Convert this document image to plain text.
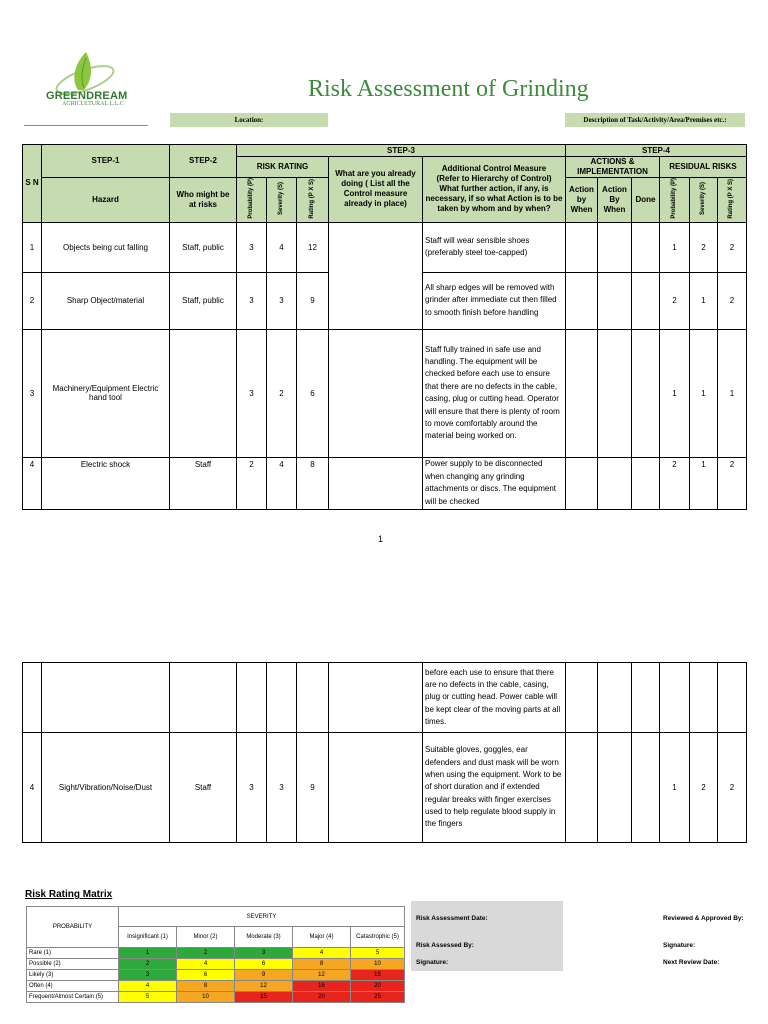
GREENDREAM
AGRICULTURAL L.L.C
Risk Assessment of Grinding
Location:	Description of Task/Activity/Area/Premises etc.:
S N	STEP-1	STEP-2	STEP-3					STEP-4					
			RISK RATING			What are you already doing ( List all the Control measure already in place)	Additional Control Measure
(Refer to Hierarchy of Control)
What further action, if any, is necessary, if so what Action is to be taken by whom and by when?	ACTIONS & IMPLEMENTATION			RESIDUAL RISKS		
	Hazard	Who might be at risks	Probability (P)	Severity (S)	Rating (P X S)			Action by When	Action By When	Done	Probability (P)	Severity (S)	Rating (P X S)
1	Objects being cut falling	Staff, public	3	4	12		Staff will wear sensible shoes (preferably steel toe-capped)				1	2	2
2	Sharp Object/material	Staff, public	3	3	9		All sharp edges will be removed with grinder after immediate cut then filled to smooth finish before handling				2	1	2
3	Machinery/Equipment Electric hand tool		3	2	6		Staff fully trained in safe use and handling. The equipment will be checked before each use to ensure that there are no defects in the cable, casing, plug or cutting head. Operator will ensure that there is plenty of room to move comfortably around the material being worked on.				1	1	1
4	Electric shock	Staff	2	4	8		Power supply to be disconnected when changing any grinding attachments or discs. The equipment will be checked				2	1	2
1
							before each use to ensure that there are no defects in the cable, casing, plug or cutting head. Power cable will be kept clear of the moving parts at all times.						
4	Sight/Vibration/Noise/Dust	Staff	3	3	9		Suitable gloves, goggles, ear defenders and dust mask will be worn when using the equipment. Work to be of short duration and if extended regular breaks with finger exercises used to help regulate blood supply in the fingers				1	2	2
Risk Rating Matrix
PROBABILITY	SEVERITY				
	Insignificant (1)	Minor (2)	Moderate (3)	Major (4)	Catastrophic (5)
Rare (1)	1	2	3	4	5
Possible (2)	2	4	6	8	10
Likely (3)	3	6	9	12	15
Often (4)	4	8	12	16	20
Frequent/Almost Certain (5)	5	10	15	20	25
Risk Assessment Date:
Risk Assessed By:
Signature:
Reviewed & Approved By:
Signature:
Next Review Date:
